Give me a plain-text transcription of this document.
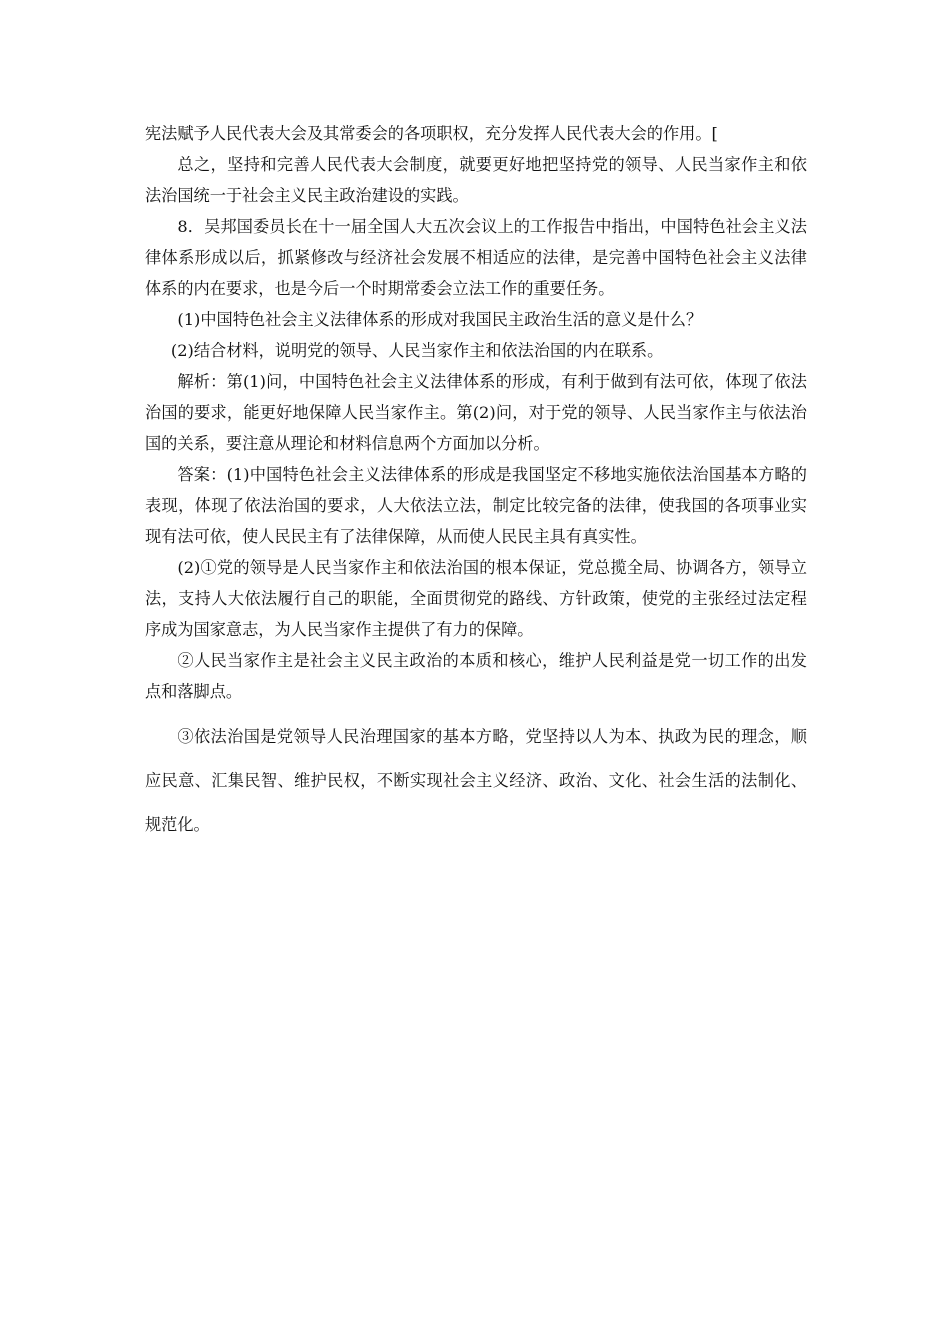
宪法赋予人民代表大会及其常委会的各项职权，充分发挥人民代表大会的作用。[

总之，坚持和完善人民代表大会制度，就要更好地把坚持党的领导、人民当家作主和依法治国统一于社会主义民主政治建设的实践。

8．吴邦国委员长在十一届全国人大五次会议上的工作报告中指出，中国特色社会主义法律体系形成以后，抓紧修改与经济社会发展不相适应的法律，是完善中国特色社会主义法律体系的内在要求，也是今后一个时期常委会立法工作的重要任务。

(1)中国特色社会主义法律体系的形成对我国民主政治生活的意义是什么？

(2)结合材料，说明党的领导、人民当家作主和依法治国的内在联系。

解析：第(1)问，中国特色社会主义法律体系的形成，有利于做到有法可依，体现了依法治国的要求，能更好地保障人民当家作主。第(2)问，对于党的领导、人民当家作主与依法治国的关系，要注意从理论和材料信息两个方面加以分析。

答案：(1)中国特色社会主义法律体系的形成是我国坚定不移地实施依法治国基本方略的表现，体现了依法治国的要求，人大依法立法，制定比较完备的法律，使我国的各项事业实现有法可依，使人民民主有了法律保障，从而使人民民主具有真实性。

(2)①党的领导是人民当家作主和依法治国的根本保证，党总揽全局、协调各方，领导立法，支持人大依法履行自己的职能，全面贯彻党的路线、方针政策，使党的主张经过法定程序成为国家意志，为人民当家作主提供了有力的保障。

②人民当家作主是社会主义民主政治的本质和核心，维护人民利益是党一切工作的出发点和落脚点。

③依法治国是党领导人民治理国家的基本方略，党坚持以人为本、执政为民的理念，顺应民意、汇集民智、维护民权，不断实现社会主义经济、政治、文化、社会生活的法制化、规范化。
